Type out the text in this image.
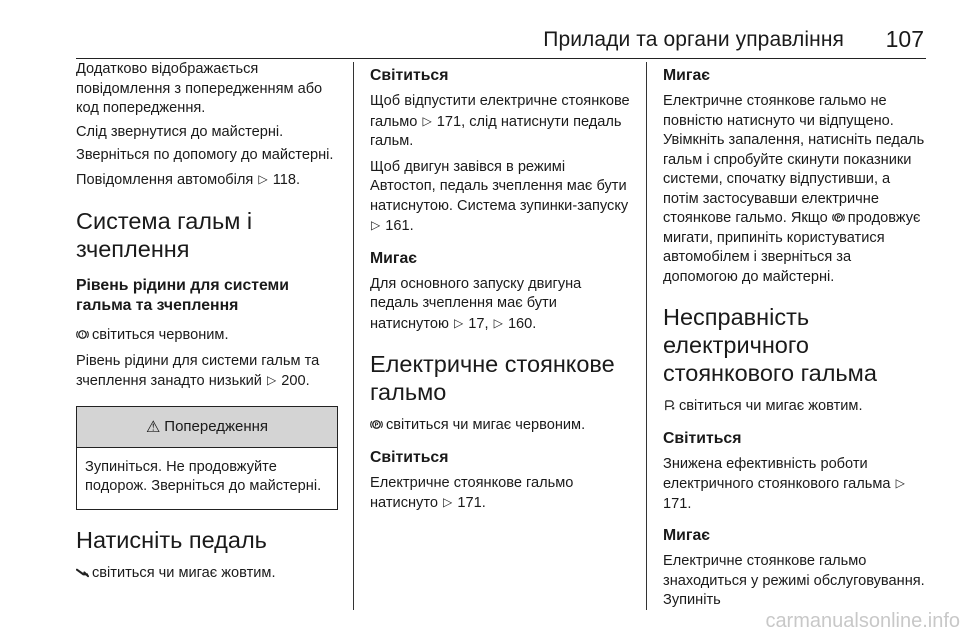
Прилади та органи управління 107

Додатково відображається повідомлення з попередженням або код попередження.

Слід звернутися до майстерні.

Зверніться по допомогу до майстерні.

Повідомлення автомобіля ▷ 118.

Система гальм і зчеплення
Рівень рідини для системи гальма та зчеплення

! світиться червоним.

Рівень рідини для системи гальм та зчеплення занадто низький ▷ 200.

⚠ Попередження
Зупиніться. Не продовжуйте подорож. Зверніться до майстерні.
Натисніть педаль

світиться чи мигає жовтим.

Світиться

Щоб відпустити електричне стоянкове гальмо ▷ 171, слід натиснути педаль гальм.

Щоб двигун завівся в режимі Автостоп, педаль зчеплення має бути натиснутою. Система зупинки-запуску ▷ 161.

Мигає

Для основного запуску двигуна педаль зчеплення має бути натиснутою ▷ 17, ▷ 160.

Електричне стоянкове гальмо

P світиться чи мигає червоним.

Світиться

Електричне стоянкове гальмо натиснуто ▷ 171.

Мигає

Електричне стоянкове гальмо не повністю натиснуто чи відпущено. Увімкніть запалення, натисніть педаль гальм і спробуйте скинути показники системи, спочатку відпустивши, а потім застосувавши електричне стоянкове гальмо. Якщо P продовжує мигати, припиніть користуватися автомобілем і зверніться за допомогою до майстерні.

Несправність електричного стоянкового гальма

світиться чи мигає жовтим.

Світиться

Знижена ефективність роботи електричного стоянкового гальма ▷ 171.

Мигає

Електричне стоянкове гальмо знаходиться у режимі обслуговування. Зупиніть

carmanualsonline.info
